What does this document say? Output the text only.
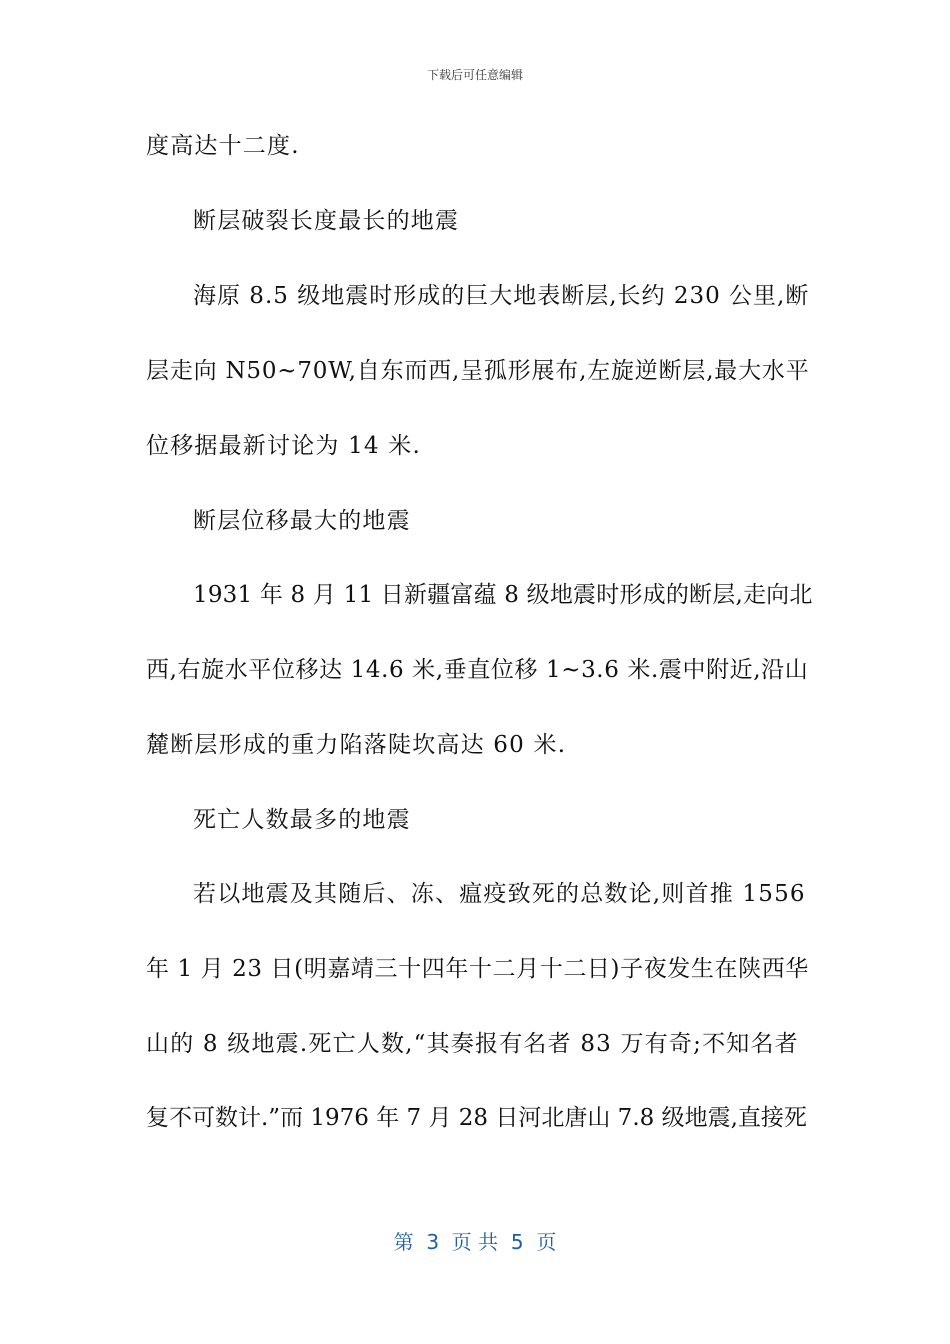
下载后可任意编辑
度高达十二度.
断层破裂长度最长的地震
海原 8.5 级地震时形成的巨大地表断层,长约 230 公里,断
层走向 N50~70W,自东而西,呈孤形展布,左旋逆断层,最大水平
位移据最新讨论为 14 米.
断层位移最大的地震
1931 年 8 月 11 日新疆富蕴 8 级地震时形成的断层,走向北
西,右旋水平位移达 14.6 米,垂直位移 1~3.6 米.震中附近,沿山
麓断层形成的重力陷落陡坎高达 60 米.
死亡人数最多的地震
若以地震及其随后、冻、瘟疫致死的总数论,则首推 1556
年 1 月 23 日(明嘉靖三十四年十二月十二日)子夜发生在陕西华
山的 8 级地震.死亡人数,“其奏报有名者 83 万有奇;不知名者
复不可数计.”而 1976 年 7 月 28 日河北唐山 7.8 级地震,直接死
第  3  页 共  5  页
